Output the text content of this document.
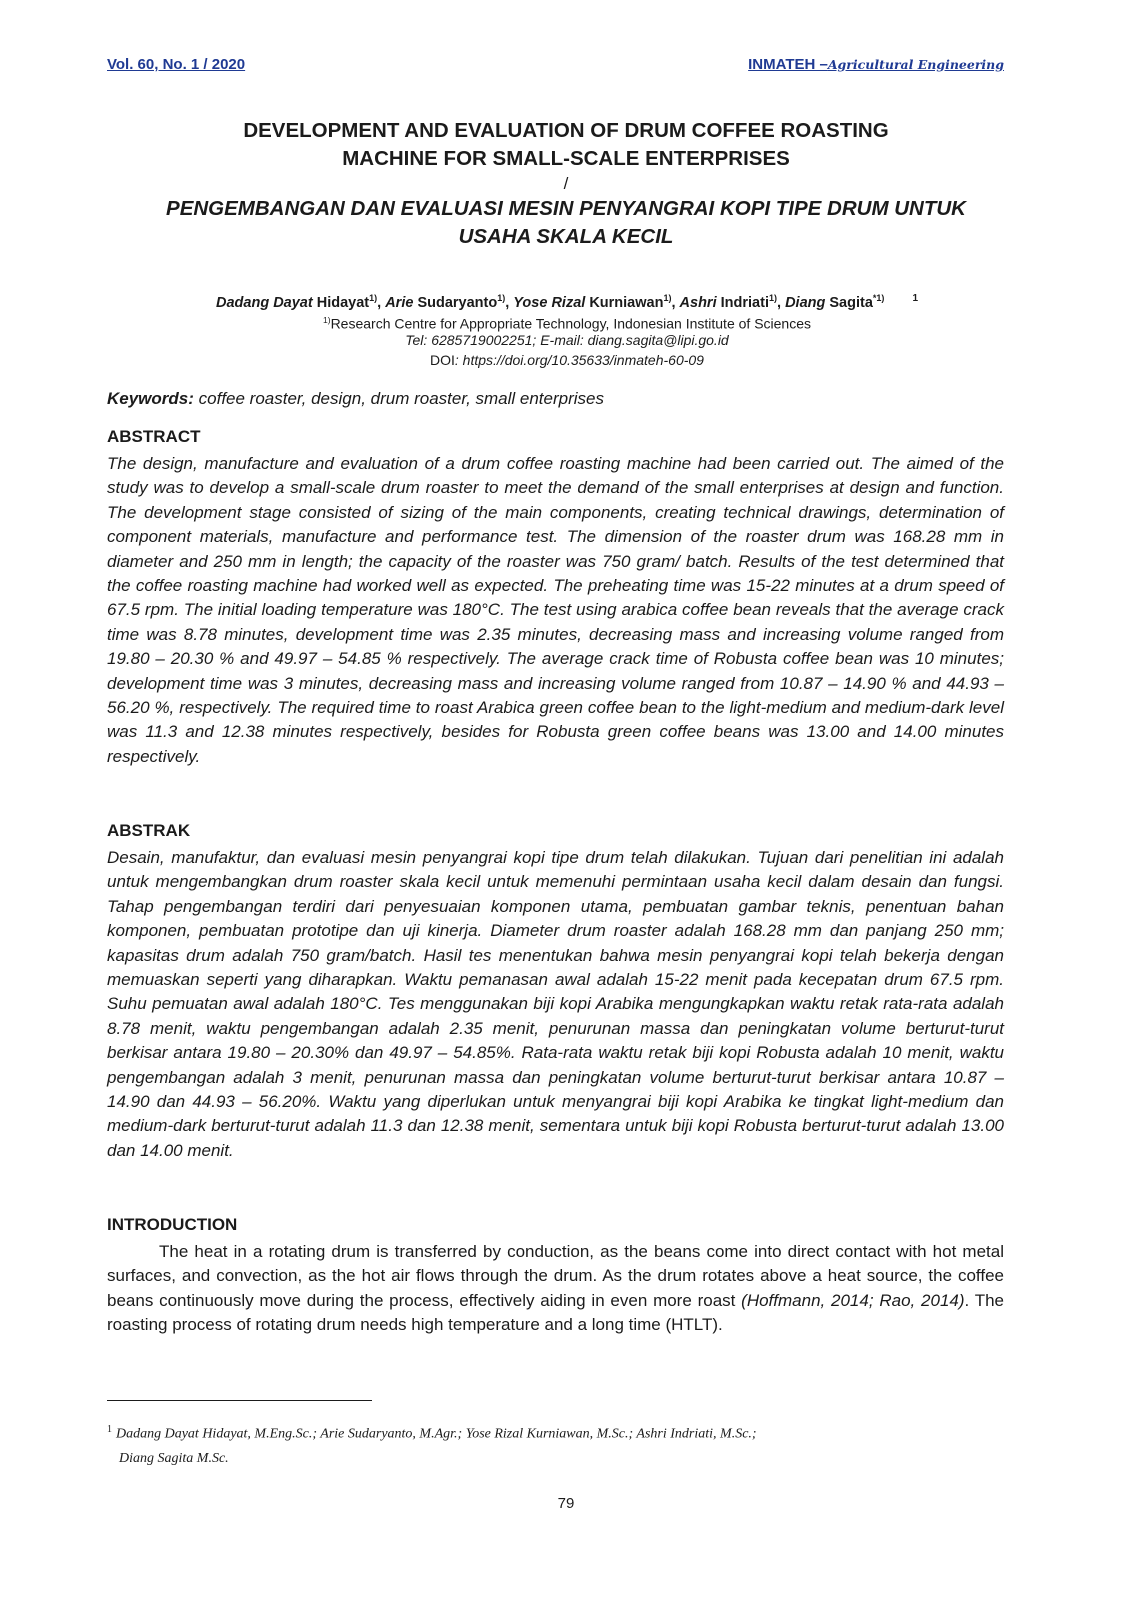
Vol. 60, No. 1 / 2020	INMATEH –Agricultural Engineering
DEVELOPMENT AND EVALUATION OF DRUM COFFEE ROASTING
MACHINE FOR SMALL-SCALE ENTERPRISES
/
PENGEMBANGAN DAN EVALUASI MESIN PENYANGRAI KOPI TIPE DRUM UNTUK
USAHA SKALA KECIL
Dadang Dayat Hidayat$^{1)}$, Arie Sudaryanto$^{1)}$, Yose Rizal Kurniawan$^{1)}$, Ashri Indriati$^{1)}$, Diang Sagita$^{*1)}$	$^1$
$^{1)}$Research Centre for Appropriate Technology, Indonesian Institute of Sciences
Tel: 6285719002251; E-mail: diang.sagita@lipi.go.id
DOI: https://doi.org/10.35633/inmateh-60-09
Keywords: coffee roaster, design, drum roaster, small enterprises
ABSTRACT
The design, manufacture and evaluation of a drum coffee roasting machine had been carried out. The aimed of the study was to develop a small-scale drum roaster to meet the demand of the small enterprises at design and function. The development stage consisted of sizing of the main components, creating technical drawings, determination of component materials, manufacture and performance test. The dimension of the roaster drum was 168.28 mm in diameter and 250 mm in length; the capacity of the roaster was 750 gram/ batch. Results of the test determined that the coffee roasting machine had worked well as expected. The preheating time was 15-22 minutes at a drum speed of 67.5 rpm. The initial loading temperature was 180°C. The test using arabica coffee bean reveals that the average crack time was 8.78 minutes, development time was 2.35 minutes, decreasing mass and increasing volume ranged from 19.80 – 20.30 % and 49.97 – 54.85 % respectively. The average crack time of Robusta coffee bean was 10 minutes; development time was 3 minutes, decreasing mass and increasing volume ranged from 10.87 – 14.90 % and 44.93 – 56.20 %, respectively. The required time to roast Arabica green coffee bean to the light-medium and medium-dark level was 11.3 and 12.38 minutes respectively, besides for Robusta green coffee beans was 13.00 and 14.00 minutes respectively.
ABSTRAK
Desain, manufaktur, dan evaluasi mesin penyangrai kopi tipe drum telah dilakukan. Tujuan dari penelitian ini adalah untuk mengembangkan drum roaster skala kecil untuk memenuhi permintaan usaha kecil dalam desain dan fungsi. Tahap pengembangan terdiri dari penyesuaian komponen utama, pembuatan gambar teknis, penentuan bahan komponen, pembuatan prototipe dan uji kinerja. Diameter drum roaster adalah 168.28 mm dan panjang 250 mm; kapasitas drum adalah 750 gram/batch. Hasil tes menentukan bahwa mesin penyangrai kopi telah bekerja dengan memuaskan seperti yang diharapkan. Waktu pemanasan awal adalah 15-22 menit pada kecepatan drum 67.5 rpm. Suhu pemuatan awal adalah 180°C. Tes menggunakan biji kopi Arabika mengungkapkan waktu retak rata-rata adalah 8.78 menit, waktu pengembangan adalah 2.35 menit, penurunan massa dan peningkatan volume berturut-turut berkisar antara 19.80 – 20.30% dan 49.97 – 54.85%. Rata-rata waktu retak biji kopi Robusta adalah 10 menit, waktu pengembangan adalah 3 menit, penurunan massa dan peningkatan volume berturut-turut berkisar antara 10.87 – 14.90 dan 44.93 – 56.20%. Waktu yang diperlukan untuk menyangrai biji kopi Arabika ke tingkat light-medium dan medium-dark berturut-turut adalah 11.3 dan 12.38 menit, sementara untuk biji kopi Robusta berturut-turut adalah 13.00 dan 14.00 menit.
INTRODUCTION
The heat in a rotating drum is transferred by conduction, as the beans come into direct contact with hot metal surfaces, and convection, as the hot air flows through the drum. As the drum rotates above a heat source, the coffee beans continuously move during the process, effectively aiding in even more roast (Hoffmann, 2014; Rao, 2014). The roasting process of rotating drum needs high temperature and a long time (HTLT).
$^1$ Dadang Dayat Hidayat, M.Eng.Sc.; Arie Sudaryanto, M.Agr.; Yose Rizal Kurniawan, M.Sc.; Ashri Indriati, M.Sc.;
Diang Sagita M.Sc.
79
